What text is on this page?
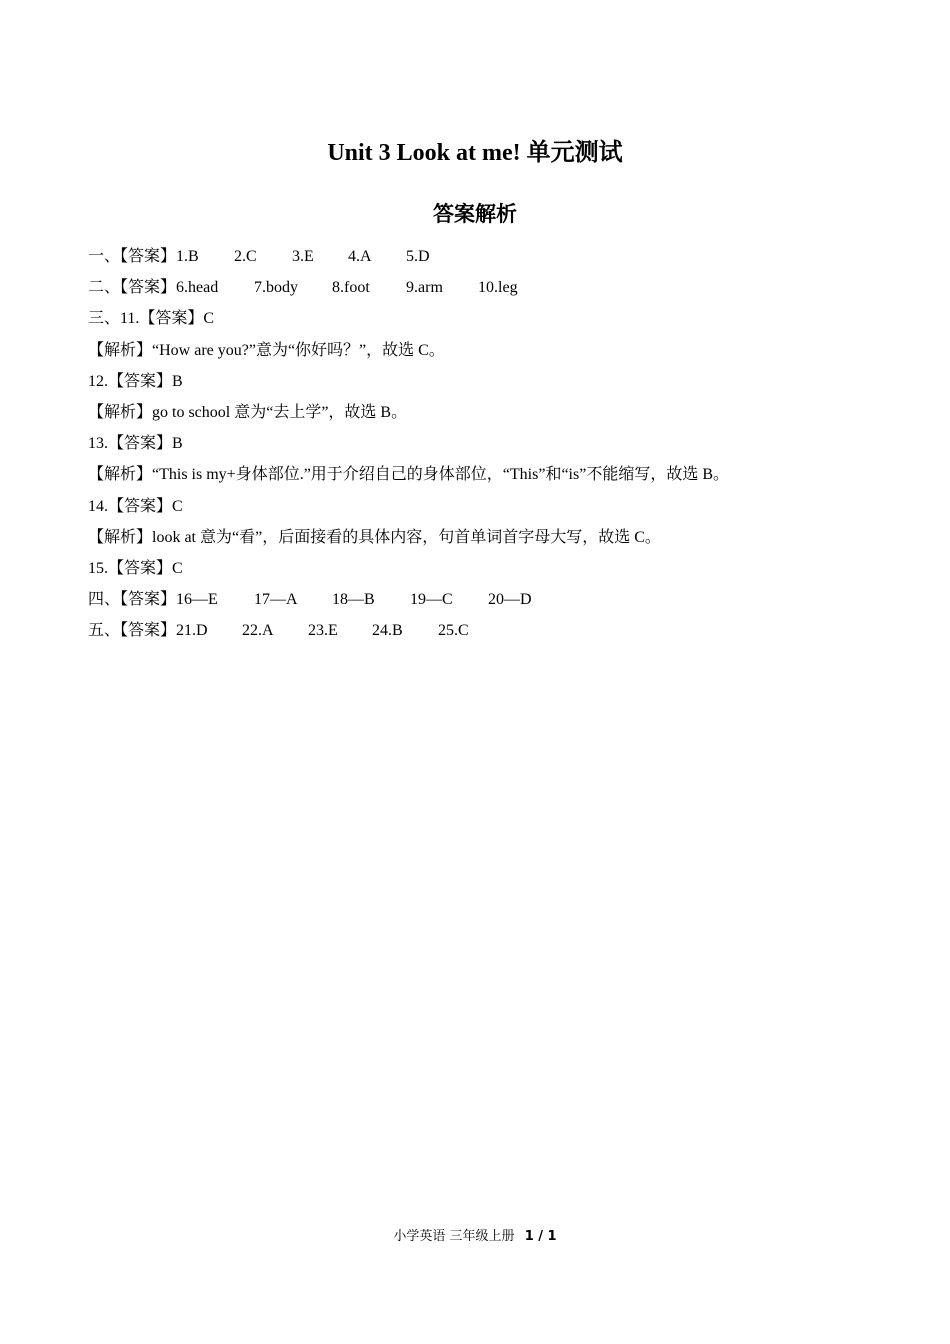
Unit 3 Look at me! 单元测试
答案解析
一、【答案】1.B 2.C 3.E 4.A 5.D
二、【答案】6.head 7.body 8.foot 9.arm 10.leg
三、11.【答案】C
【解析】“How are you?”意为“你好吗？”，故选 C。
12.【答案】B
【解析】go to school 意为“去上学”，故选 B。
13.【答案】B
【解析】“This is my+身体部位.”用于介绍自己的身体部位，“This”和“is”不能缩写，故选 B。
14.【答案】C
【解析】look at 意为“看”，后面接看的具体内容，句首单词首字母大写，故选 C。
15.【答案】C
四、【答案】16—E 17—A 18—B 19—C 20—D
五、【答案】21.D 22.A 23.E 24.B 25.C
小学英语 三年级上册 1 / 1
